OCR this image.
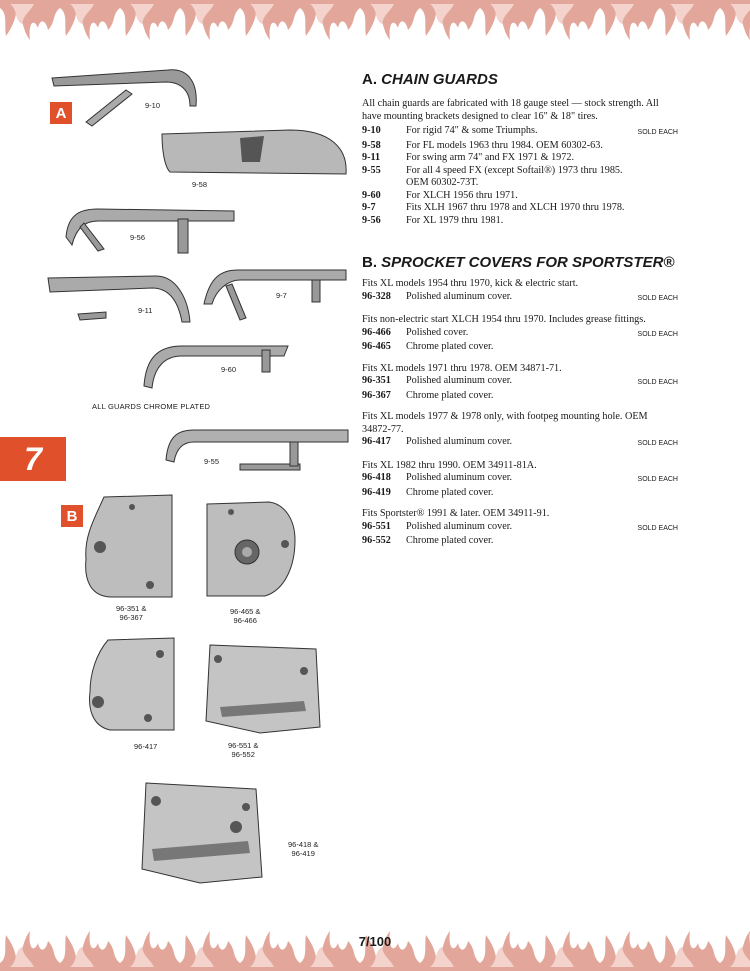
A
B
7
9-10
9-58
9-56
9-11
9-7
9-60
ALL GUARDS CHROME PLATED
9-55
96-351 &
96-367
96-465 &
96-466
96-417	96-551 &
96-552
96-418 &
96-419
A. CHAIN GUARDS

All chain guards are fabricated with 18 gauge steel — stock strength. All have mounting brackets designed to clear 16" & 18" tires.

9-10	For rigid 74" & some Triumphs.	SOLD EACH
9-58	For FL models 1963 thru 1984. OEM 60302-63.
9-11	For swing arm 74" and FX 1971 & 1972.
9-55	For all 4 speed FX (except Softail®) 1973 thru 1985. OEM 60302-73T.
9-60	For XLCH 1956 thru 1971.
9-7	Fits XLH 1967 thru 1978 and XLCH 1970 thru 1978.
9-56	For XL 1979 thru 1981.
B. SPROCKET COVERS FOR SPORTSTER®

Fits XL models 1954 thru 1970, kick & electric start.

96-328	Polished aluminum cover.	SOLD EACH

Fits non-electric start XLCH 1954 thru 1970. Includes grease fittings.

96-466	Polished cover.	SOLD EACH
96-465	Chrome plated cover.

Fits XL models 1971 thru 1978. OEM 34871-71.

96-351	Polished aluminum cover.	SOLD EACH
96-367	Chrome plated cover.

Fits XL models 1977 & 1978 only, with footpeg mounting hole. OEM 34872-77.

96-417	Polished aluminum cover.	SOLD EACH

Fits XL 1982 thru 1990. OEM 34911-81A.

96-418	Polished aluminum cover.	SOLD EACH
96-419	Chrome plated cover.

Fits Sportster® 1991 & later. OEM 34911-91.

96-551	Polished aluminum cover.	SOLD EACH
96-552	Chrome plated cover.
7/100
